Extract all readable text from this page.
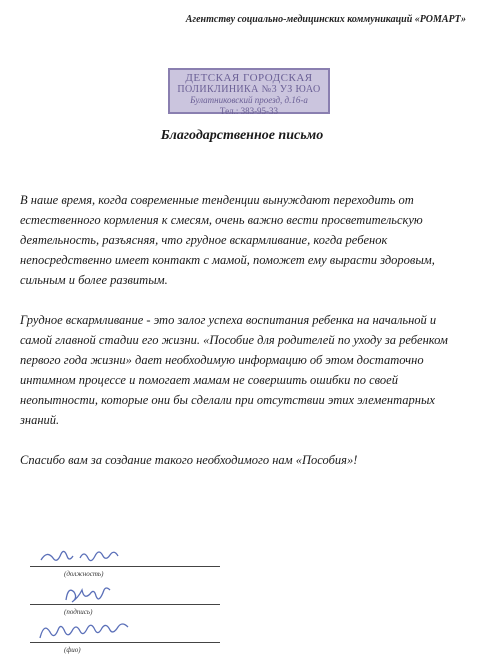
Агентству социально-медицинских коммуникаций «РОМАРТ»
ДЕТСКАЯ ГОРОДСКАЯ
ПОЛИКЛИНИКА №3 УЗ ЮАО
Булатниковский проезд, д.16-а
Тел.: 383-95-33
Благодарственное письмо

В наше время, когда современные тенденции вынуждают переходить от естественного кормления к смесям, очень важно вести просветительскую деятельность, разъясняя, что грудное вскармливание, когда ребенок непосредственно имеет контакт с мамой, поможет ему вырасти здоровым, сильным и более развитым.

Грудное вскармливание - это залог успеха воспитания ребенка на начальной и самой главной стадии его жизни. «Пособие для родителей по уходу за ребенком первого года жизни» дает необходимую информацию об этом достаточно интимном процессе и помогает мамам не совершить ошибки по своей неопытности, которые они бы сделали при отсутствии этих элементарных знаний.

Спасибо вам за создание такого необходимого нам «Пособия»!

(должность)
(подпись)
(фио)
